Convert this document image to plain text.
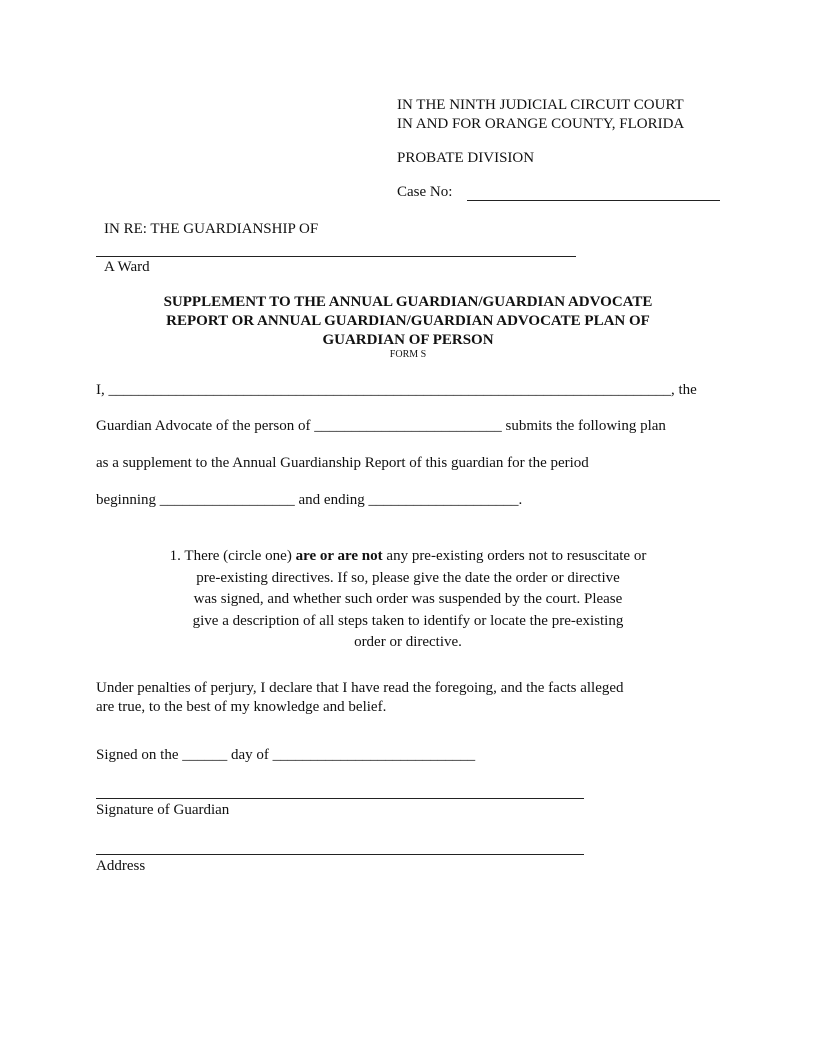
IN THE NINTH JUDICIAL CIRCUIT COURT
IN AND FOR ORANGE COUNTY, FLORIDA
PROBATE DIVISION
Case No:
IN RE: THE GUARDIANSHIP OF
A Ward
SUPPLEMENT TO THE ANNUAL GUARDIAN/GUARDIAN ADVOCATE
REPORT OR ANNUAL GUARDIAN/GUARDIAN ADVOCATE PLAN OF
GUARDIAN OF PERSON
FORM S
I, ___________________________________________________________________________, the
Guardian Advocate of the person of _________________________ submits the following plan
as a supplement to the Annual Guardianship Report of this guardian for the period
beginning __________________ and ending ____________________.
1. There (circle one) are or are not any pre-existing orders not to resuscitate or
pre-existing directives. If so, please give the date the order or directive
was signed, and whether such order was suspended by the court. Please
give a description of all steps taken to identify or locate the pre-existing
order or directive.
Under penalties of perjury, I declare that I have read the foregoing, and the facts alleged
are true, to the best of my knowledge and belief.
Signed on the ______ day of ___________________________
Signature of Guardian
Address
